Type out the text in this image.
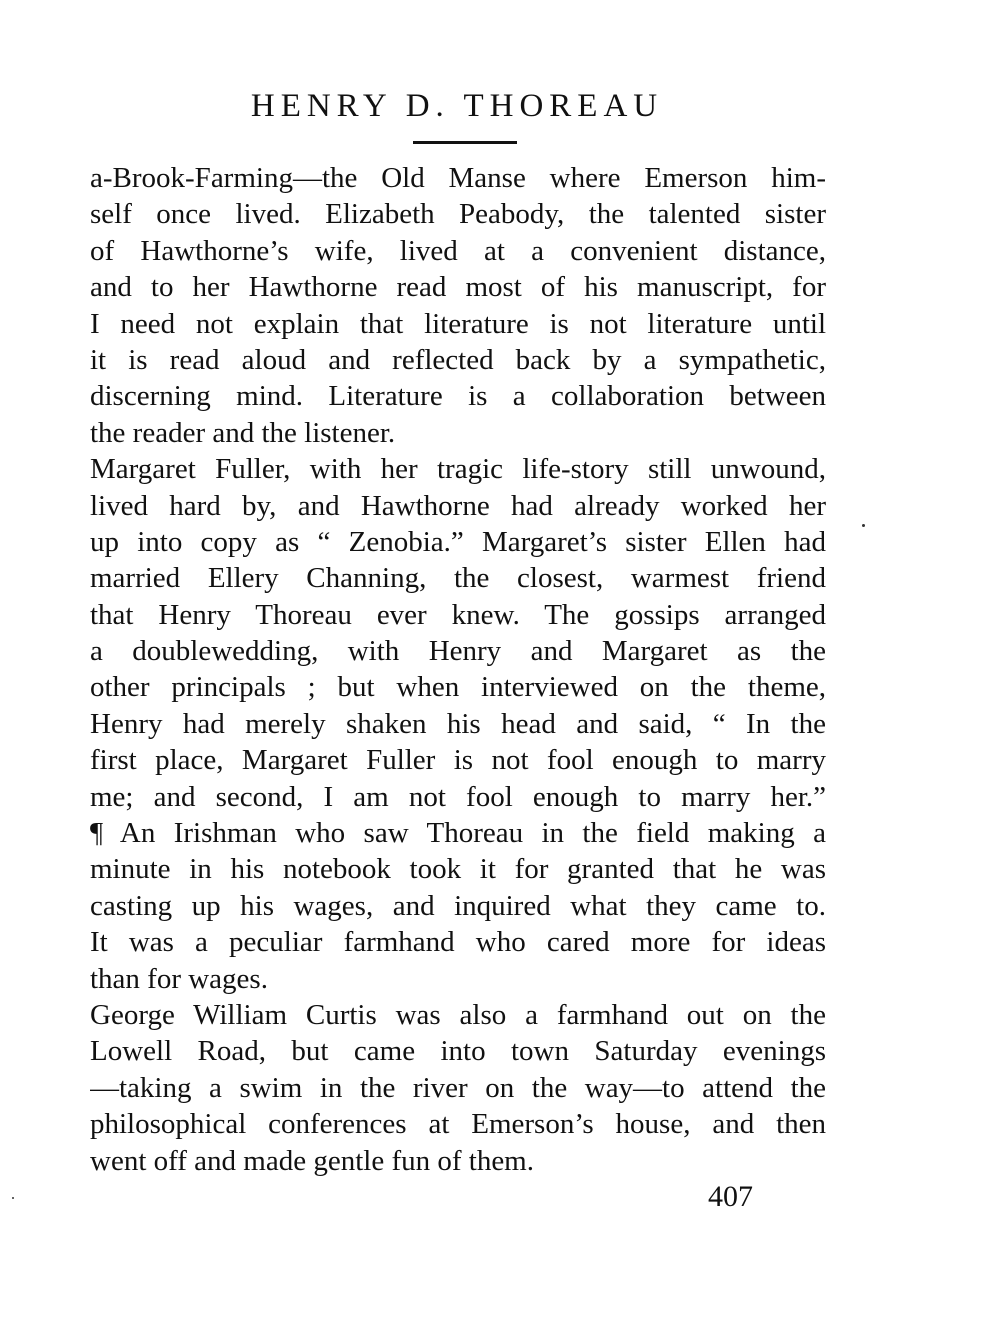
HENRY D. THOREAU
a-Brook-Farming—the Old Manse where Emerson him-
self once lived. Elizabeth Peabody, the talented sister
of Hawthorne’s wife, lived at a convenient distance,
and to her Hawthorne read most of his manuscript, for
I need not explain that literature is not literature until
it is read aloud and reflected back by a sympathetic,
discerning mind. Literature is a collaboration between
the reader and the listener.
Margaret Fuller, with her tragic life-story still unwound,
lived hard by, and Hawthorne had already worked her
up into copy as “ Zenobia.” Margaret’s sister Ellen had
married Ellery Channing, the closest, warmest friend
that Henry Thoreau ever knew. The gossips arranged
a doublewedding, with Henry and Margaret as the
other principals ; but when interviewed on the theme,
Henry had merely shaken his head and said, “ In the
first place, Margaret Fuller is not fool enough to marry
me; and second, I am not fool enough to marry her.”
¶ An Irishman who saw Thoreau in the field making a
minute in his notebook took it for granted that he was
casting up his wages, and inquired what they came to.
It was a peculiar farmhand who cared more for ideas
than for wages.
George William Curtis was also a farmhand out on the
Lowell Road, but came into town Saturday evenings
—taking a swim in the river on the way—to attend the
philosophical conferences at Emerson’s house, and then
went off and made gentle fun of them.
407
